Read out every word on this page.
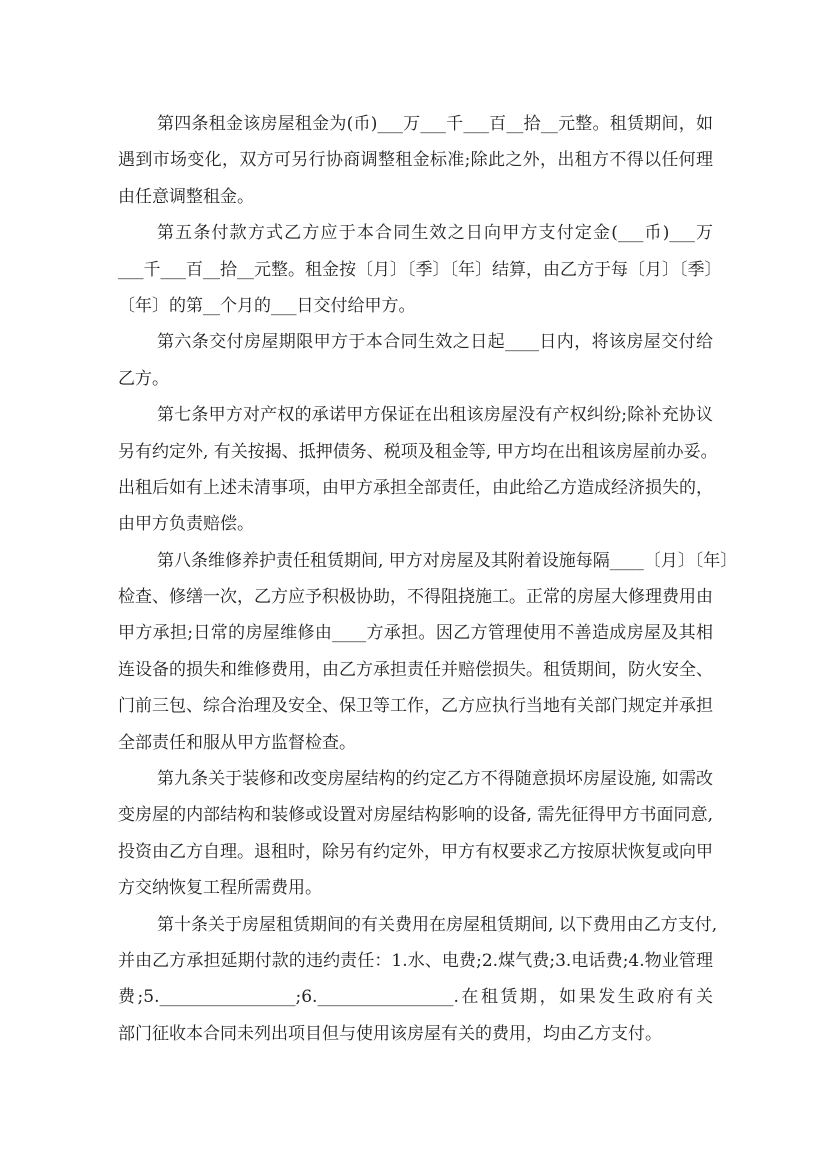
第四条租金该房屋租金为(币)___万___千___百__拾__元整。租赁期间，如
遇到市场变化，双方可另行协商调整租金标准;除此之外，出租方不得以任何理
由任意调整租金。
第五条付款方式乙方应于本合同生效之日向甲方支付定金(___币)___万
___千___百__拾__元整。租金按〔月〕〔季〕〔年〕结算，由乙方于每〔月〕〔季〕
〔年〕的第__个月的___日交付给甲方。
第六条交付房屋期限甲方于本合同生效之日起____日内，将该房屋交付给
乙方。
第七条甲方对产权的承诺甲方保证在出租该房屋没有产权纠纷;除补充协议
另有约定外, 有关按揭、抵押债务、税项及租金等, 甲方均在出租该房屋前办妥。
出租后如有上述未清事项，由甲方承担全部责任，由此给乙方造成经济损失的，
由甲方负责赔偿。
第八条维修养护责任租赁期间, 甲方对房屋及其附着设施每隔____〔月〕〔年〕
检查、修缮一次，乙方应予积极协助，不得阻挠施工。正常的房屋大修理费用由
甲方承担;日常的房屋维修由____方承担。因乙方管理使用不善造成房屋及其相
连设备的损失和维修费用，由乙方承担责任并赔偿损失。租赁期间，防火安全、
门前三包、综合治理及安全、保卫等工作，乙方应执行当地有关部门规定并承担
全部责任和服从甲方监督检查。
第九条关于装修和改变房屋结构的约定乙方不得随意损坏房屋设施, 如需改
变房屋的内部结构和装修或设置对房屋结构影响的设备, 需先征得甲方书面同意,
投资由乙方自理。退租时，除另有约定外，甲方有权要求乙方按原状恢复或向甲
方交纳恢复工程所需费用。
第十条关于房屋租赁期间的有关费用在房屋租赁期间, 以下费用由乙方支付,
并由乙方承担延期付款的违约责任：1.水、电费;2.煤气费;3.电话费;4.物业管理
费;5.________________;6.________________.在租赁期，如果发生政府有关
部门征收本合同未列出项目但与使用该房屋有关的费用，均由乙方支付。
